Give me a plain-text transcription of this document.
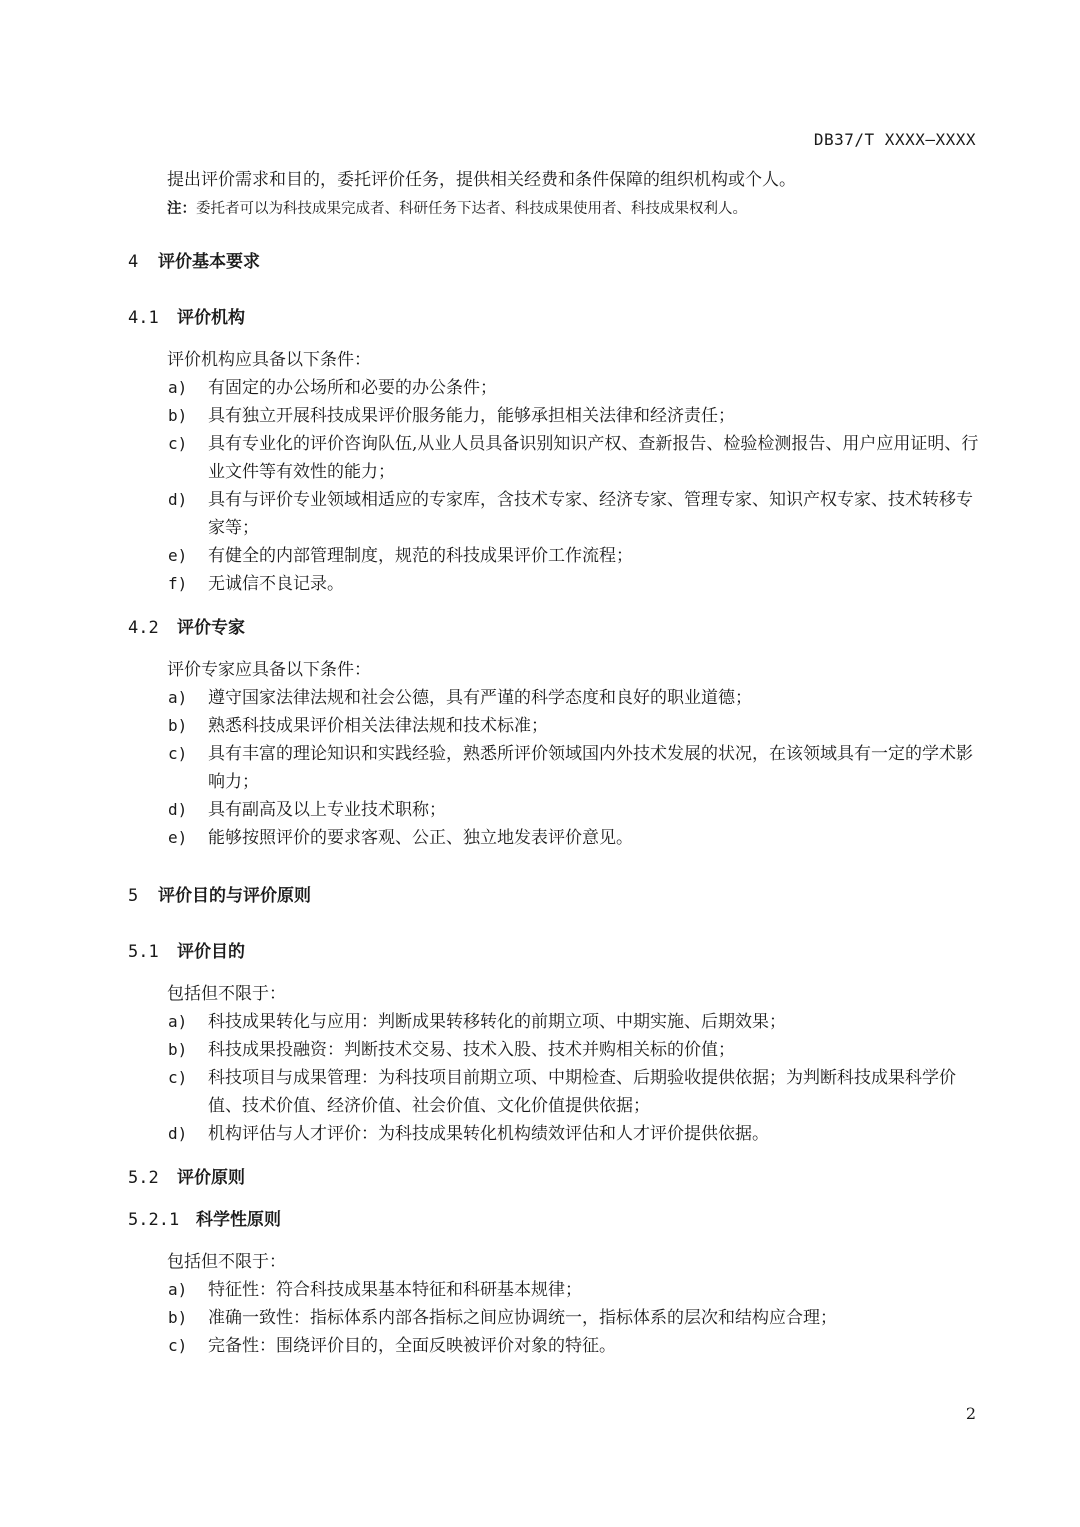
DB37/T XXXX—XXXX
提出评价需求和目的，委托评价任务，提供相关经费和条件保障的组织机构或个人。
注：委托者可以为科技成果完成者、科研任务下达者、科技成果使用者、科技成果权利人。
4 评价基本要求
4.1 评价机构
评价机构应具备以下条件：
a) 有固定的办公场所和必要的办公条件；
b) 具有独立开展科技成果评价服务能力，能够承担相关法律和经济责任；
c) 具有专业化的评价咨询队伍,从业人员具备识别知识产权、查新报告、检验检测报告、用户应用证明、行业文件等有效性的能力；
d) 具有与评价专业领域相适应的专家库，含技术专家、经济专家、管理专家、知识产权专家、技术转移专家等；
e) 有健全的内部管理制度，规范的科技成果评价工作流程；
f) 无诚信不良记录。
4.2 评价专家
评价专家应具备以下条件：
a) 遵守国家法律法规和社会公德，具有严谨的科学态度和良好的职业道德；
b) 熟悉科技成果评价相关法律法规和技术标准；
c) 具有丰富的理论知识和实践经验，熟悉所评价领域国内外技术发展的状况，在该领域具有一定的学术影响力；
d) 具有副高及以上专业技术职称；
e) 能够按照评价的要求客观、公正、独立地发表评价意见。
5 评价目的与评价原则
5.1 评价目的
包括但不限于：
a) 科技成果转化与应用：判断成果转移转化的前期立项、中期实施、后期效果；
b) 科技成果投融资：判断技术交易、技术入股、技术并购相关标的价值；
c) 科技项目与成果管理：为科技项目前期立项、中期检查、后期验收提供依据；为判断科技成果科学价值、技术价值、经济价值、社会价值、文化价值提供依据；
d) 机构评估与人才评价：为科技成果转化机构绩效评估和人才评价提供依据。
5.2 评价原则
5.2.1 科学性原则
包括但不限于：
a) 特征性：符合科技成果基本特征和科研基本规律；
b) 准确一致性：指标体系内部各指标之间应协调统一，指标体系的层次和结构应合理；
c) 完备性：围绕评价目的，全面反映被评价对象的特征。
2
